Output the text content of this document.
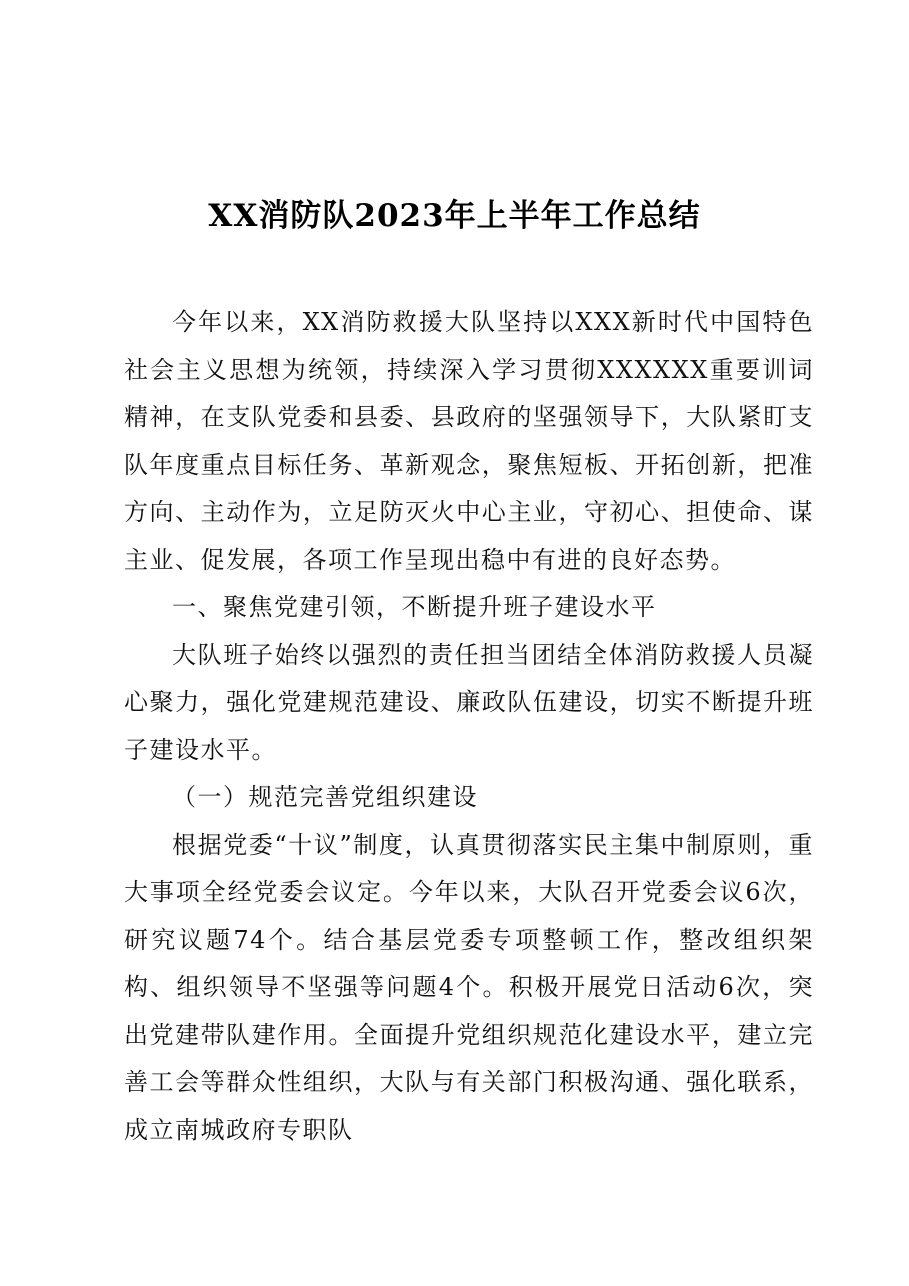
XX消防队2023年上半年工作总结

今年以来，XX消防救援大队坚持以XXX新时代中国特色社会主义思想为统领，持续深入学习贯彻XXXXXX重要训词精神，在支队党委和县委、县政府的坚强领导下，大队紧盯支队年度重点目标任务、革新观念，聚焦短板、开拓创新，把准方向、主动作为，立足防灭火中心主业，守初心、担使命、谋主业、促发展，各项工作呈现出稳中有进的良好态势。

一、聚焦党建引领，不断提升班子建设水平

大队班子始终以强烈的责任担当团结全体消防救援人员凝心聚力，强化党建规范建设、廉政队伍建设，切实不断提升班子建设水平。

（一）规范完善党组织建设

根据党委“十议”制度，认真贯彻落实民主集中制原则，重大事项全经党委会议定。今年以来，大队召开党委会议6次，研究议题74个。结合基层党委专项整顿工作，整改组织架构、组织领导不坚强等问题4个。积极开展党日活动6次，突出党建带队建作用。全面提升党组织规范化建设水平，建立完善工会等群众性组织，大队与有关部门积极沟通、强化联系，成立南城政府专职队
